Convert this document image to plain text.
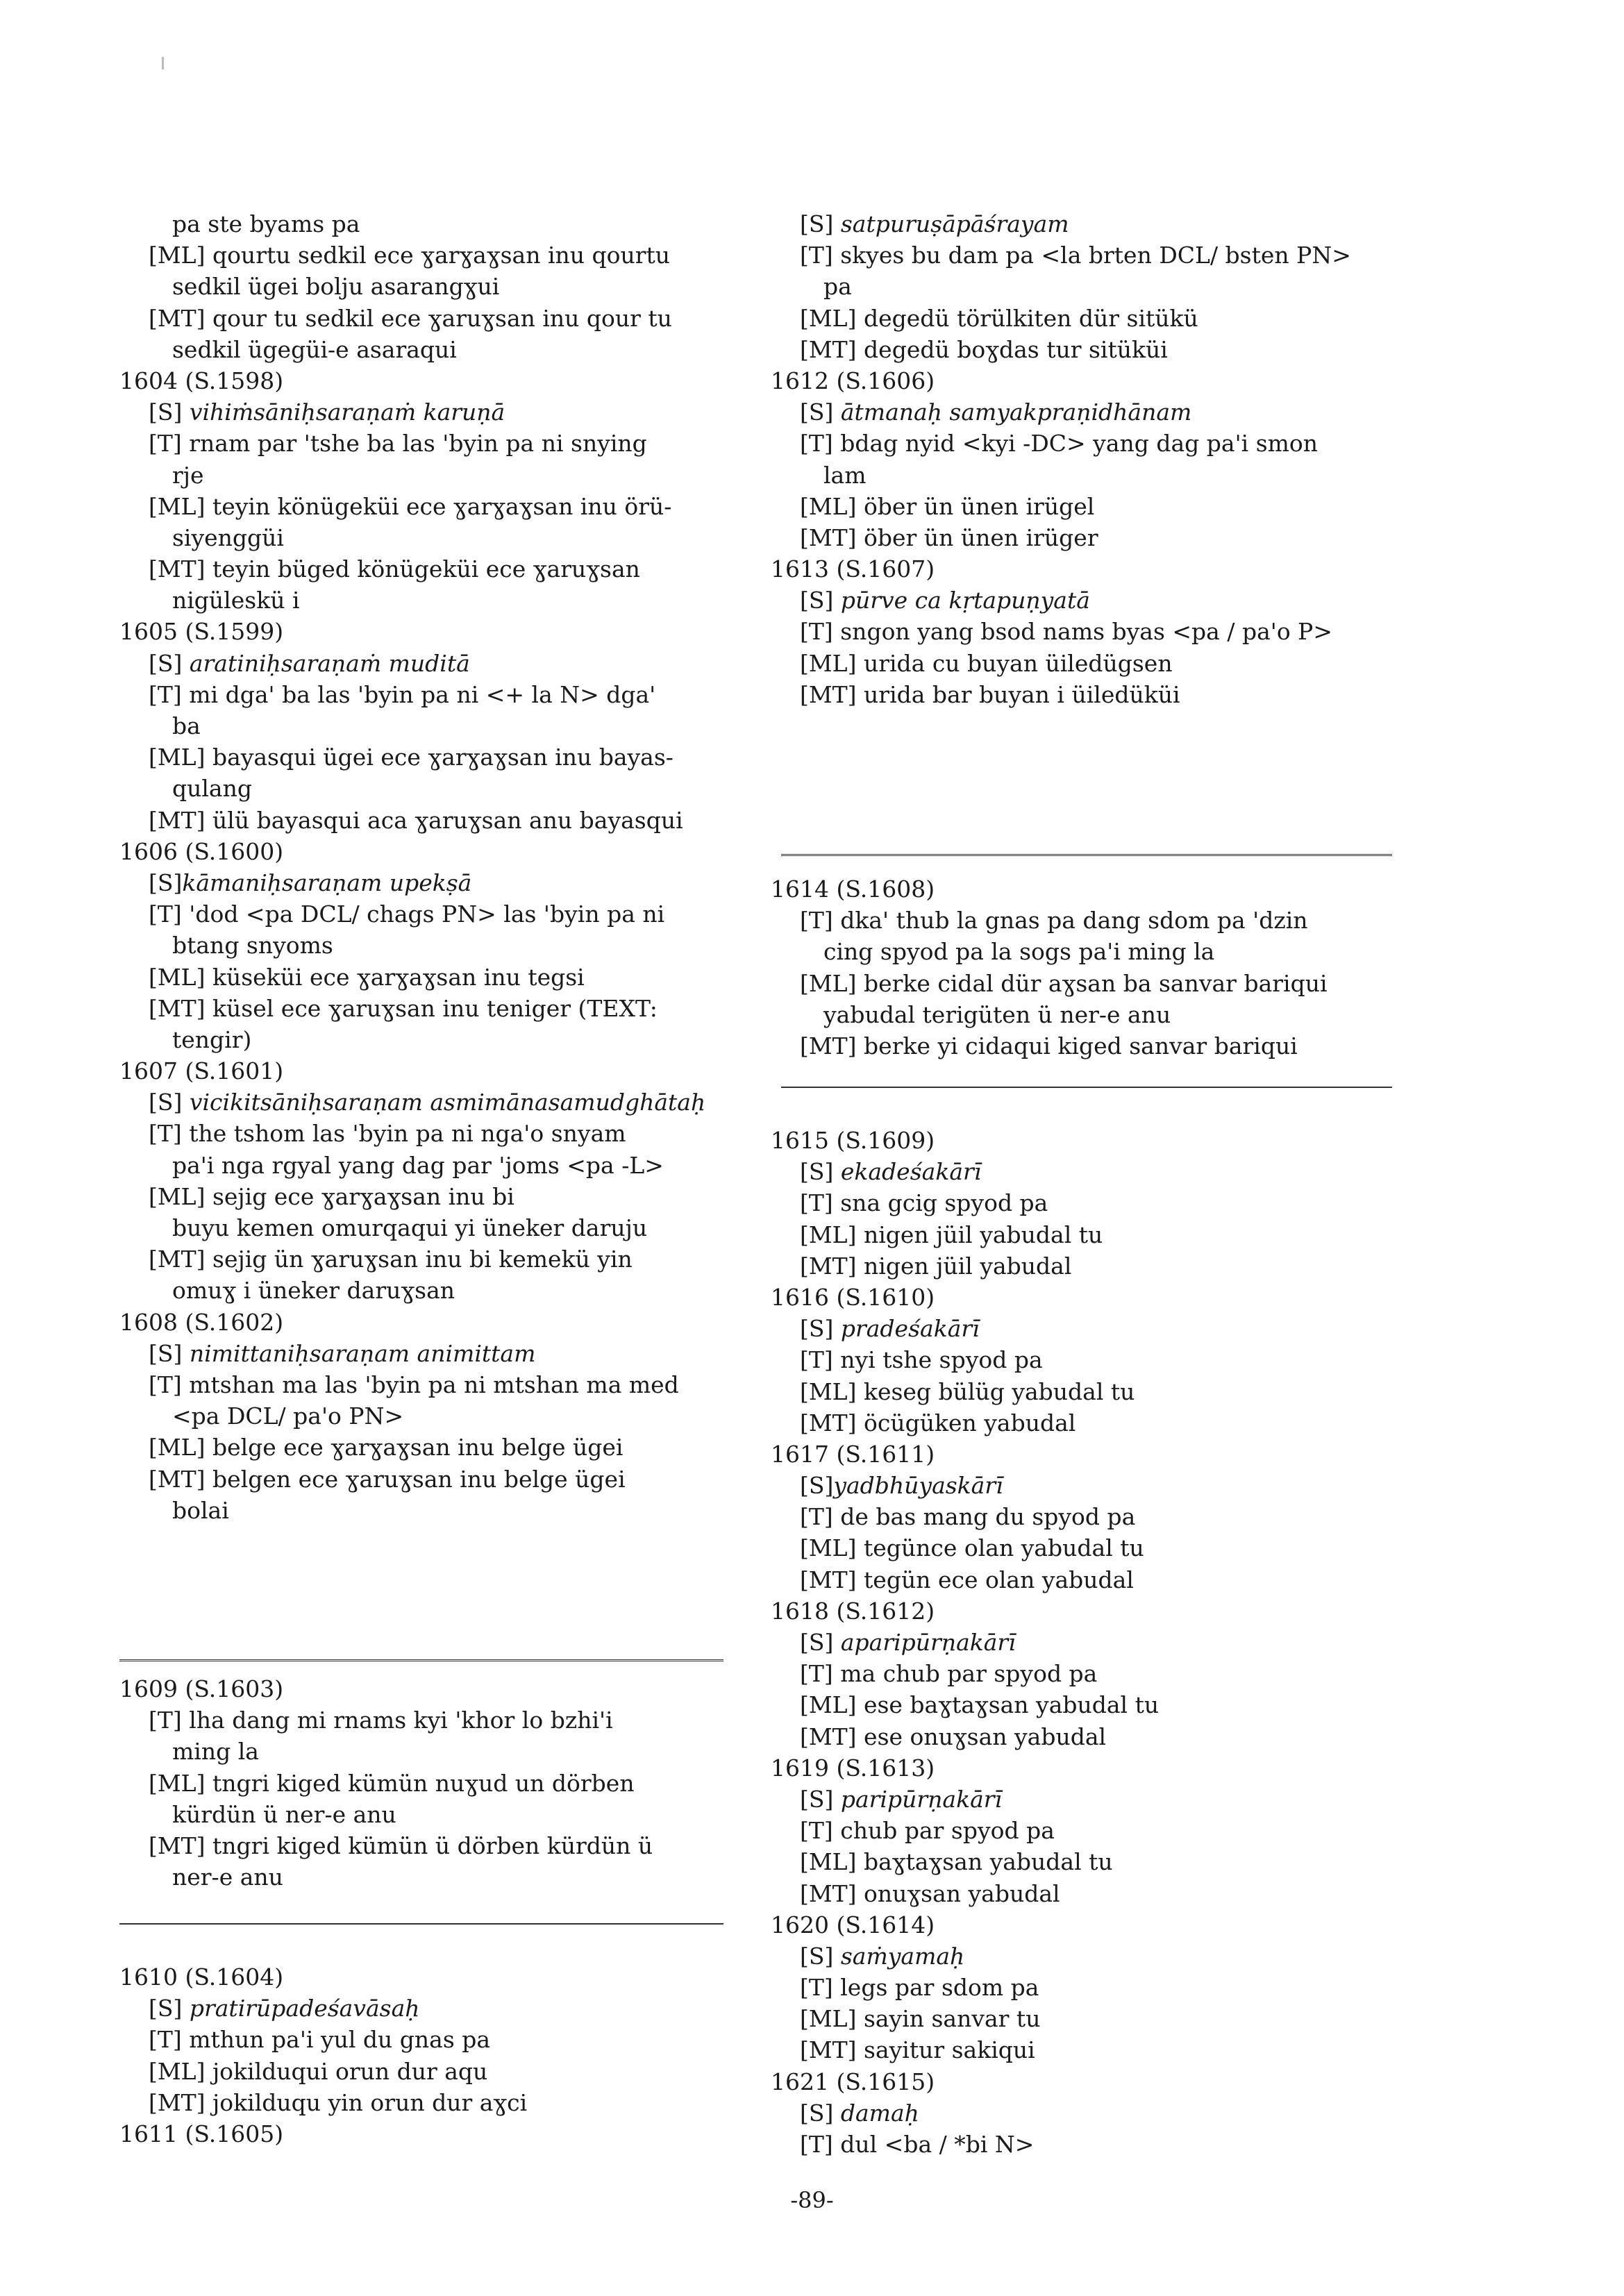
pa ste byams pa
[ML] qourtu sedkil ece ɣarɣaɣsan inu qourtu
sedkil ügei bolju asarangɣui
[MT] qour tu sedkil ece ɣaruɣsan inu qour tu
sedkil ügegüi-e asaraqui
1604 (S.1598)
[S] vihiṁsāniḥsaraṇaṁ karuṇā
[T] rnam par 'tshe ba las 'byin pa ni snying
rje
[ML] teyin könügeküi ece ɣarɣaɣsan inu örü-
siyenggüi
[MT] teyin büged könügeküi ece ɣaruɣsan
nigüleskü i
1605 (S.1599)
[S] aratiniḥsaraṇaṁ muditā
[T] mi dga' ba las 'byin pa ni <+ la N> dga'
ba
[ML] bayasqui ügei ece ɣarɣaɣsan inu bayas-
qulang
[MT] ülü bayasqui aca ɣaruɣsan anu bayasqui
1606 (S.1600)
[S]kāmaniḥsaraṇam upekṣā
[T] 'dod <pa DCL/ chags PN> las 'byin pa ni
btang snyoms
[ML] küseküi ece ɣarɣaɣsan inu tegsi
[MT] küsel ece ɣaruɣsan inu teniger (TEXT:
tengir)
1607 (S.1601)
[S] vicikitsāniḥsaraṇam asmimānasamudghātaḥ
[T] the tshom las 'byin pa ni nga'o snyam
pa'i nga rgyal yang dag par 'joms <pa -L>
[ML] sejig ece ɣarɣaɣsan inu bi
buyu kemen omurqaqui yi üneker daruju
[MT] sejig ün ɣaruɣsan inu bi kemekü yin
omuɣ i üneker daruɣsan
1608 (S.1602)
[S] nimittaniḥsaraṇam animittam
[T] mtshan ma las 'byin pa ni mtshan ma med
<pa DCL/ pa'o PN>
[ML] belge ece ɣarɣaɣsan inu belge ügei
[MT] belgen ece ɣaruɣsan inu belge ügei
bolai
1609 (S.1603)
[T] lha dang mi rnams kyi 'khor lo bzhi'i
ming la
[ML] tngri kiged kümün nuɣud un dörben
kürdün ü ner-e anu
[MT] tngri kiged kümün ü dörben kürdün ü
ner-e anu
1610 (S.1604)
[S] pratirūpadeśavāsaḥ
[T] mthun pa'i yul du gnas pa
[ML] jokilduqui orun dur aqu
[MT] jokilduqu yin orun dur aɣci
1611 (S.1605)
[S] satpuruṣāpāśrayam
[T] skyes bu dam pa <la brten DCL/ bsten PN>
pa
[ML] degedü törülkiten dür sitükü
[MT] degedü boɣdas tur sitüküi
1612 (S.1606)
[S] ātmanaḥ samyakpraṇidhānam
[T] bdag nyid <kyi -DC> yang dag pa'i smon
lam
[ML] öber ün ünen irügel
[MT] öber ün ünen irüger
1613 (S.1607)
[S] pūrve ca kṛtapuṇyatā
[T] sngon yang bsod nams byas <pa / pa'o P>
[ML] urida cu buyan üiledügsen
[MT] urida bar buyan i üiledüküi
1614 (S.1608)
[T] dka' thub la gnas pa dang sdom pa 'dzin
cing spyod pa la sogs pa'i ming la
[ML] berke cidal dür aɣsan ba sanvar bariqui
yabudal terigüten ü ner-e anu
[MT] berke yi cidaqui kiged sanvar bariqui
1615 (S.1609)
[S] ekadeśakārī
[T] sna gcig spyod pa
[ML] nigen jüil yabudal tu
[MT] nigen jüil yabudal
1616 (S.1610)
[S] pradeśakārī
[T] nyi tshe spyod pa
[ML] keseg bülüg yabudal tu
[MT] öcügüken yabudal
1617 (S.1611)
[S]yadbhūyaskārī
[T] de bas mang du spyod pa
[ML] tegünce olan yabudal tu
[MT] tegün ece olan yabudal
1618 (S.1612)
[S] aparipūrṇakārī
[T] ma chub par spyod pa
[ML] ese baɣtaɣsan yabudal tu
[MT] ese onuɣsan yabudal
1619 (S.1613)
[S] paripūrṇakārī
[T] chub par spyod pa
[ML] baɣtaɣsan yabudal tu
[MT] onuɣsan yabudal
1620 (S.1614)
[S] saṁyamaḥ
[T] legs par sdom pa
[ML] sayin sanvar tu
[MT] sayitur sakiqui
1621 (S.1615)
[S] damaḥ
[T] dul <ba / *bi N>
-89-
